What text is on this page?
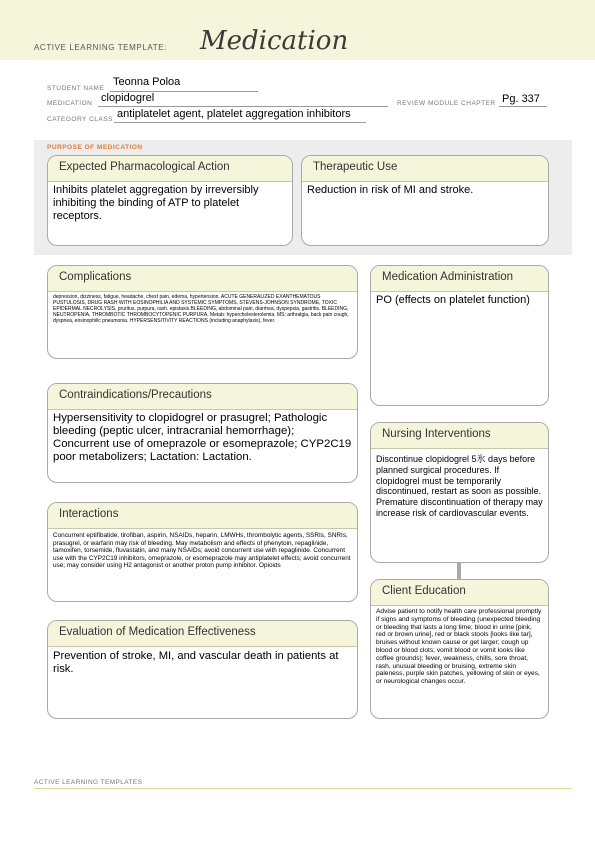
ACTIVE LEARNING TEMPLATE: Medication
STUDENT NAME
Teonna Poloa
MEDICATION clopidogrel	REVIEW MODULE CHAPTER Pg. 337
CATEGORY CLASS antiplatelet agent, platelet aggregation inhibitors
PURPOSE OF MEDICATION
Expected Pharmacological Action
Inhibits platelet aggregation by irreversibly inhibiting the binding of ATP to platelet receptors.
Therapeutic Use
Reduction in risk of MI and stroke.
Complications
depression, dizziness, fatigue, headache, chest pain, edema, hypertension. ACUTE GENERALIZED EXANTHEMATOUS PUSTULOSIS, DRUG RASH WITH EOSINOPHILIA AND SYSTEMIC SYMPTOMS, STEVENS-JOHNSON SYNDROME, TOXIC EPIDERMAL NECROLYSIS, pruritus, purpura, rash. epistaxis.BLEEDING, abdominal pain, diarrhea, dyspepsia, gastritis. BLEEDING, NEUTROPENIA, THROMBOTIC THROMBOCYTOPENIC PURPURA. Metab: hypercholesterolemia. MS: arthralgia, back pain cough, dyspnea, eosinophilic pneumonia. HYPERSENSITIVITY REACTIONS (including anaphylaxis), fever.
Medication Administration
PO (effects on platelet function)
Contraindications/Precautions
Hypersensitivity to clopidogrel or prasugrel; Pathologic bleeding (peptic ulcer, intracranial hemorrhage); Concurrent use of omeprazole or esomeprazole; CYP2C19 poor metabolizers; Lactation: Lactation.
Nursing Interventions
Discontinue clopidogrel 5氷 days before planned surgical procedures. If clopidogrel must be temporarily discontinued, restart as soon as possible. Premature discontinuation of therapy may increase risk of cardiovascular events.
Interactions
Concurrent eptifibatide, tirofiban, aspirin, NSAIDs, heparin, LMWHs, thrombolytic agents, SSRIs, SNRIs, prasugrel, or warfarin may risk of bleeding. May metabolism and effects of phenytoin, repaglinide, tamoxifen, torsemide, fluvastatin, and many NSAIDs; avoid concurrent use with repaglinide. Concurrent use with the CYP2C19 inhibitors, omeprazole, or esomeprazole may antiplatelet effects; avoid concurrent use; may consider using H2 antagonist or another proton pump inhibitor. Opioids
Client Education
Advise patient to notify health care professional promptly if signs and symptoms of bleeding (unexpected bleeding or bleeding that lasts a long time; blood in urine [pink, red or brown urine], red or black stools [looks like tar], bruises without known cause or get larger; cough up blood or blood clots; vomit blood or vomit looks like coffee grounds); fever, weakness, chills, sore throat, rash, unusual bleeding or bruising, extreme skin paleness, purple skin patches, yellowing of skin or eyes, or neurological changes occur.
Evaluation of Medication Effectiveness
Prevention of stroke, MI, and vascular death in patients at risk.
ACTIVE LEARNING TEMPLATES
